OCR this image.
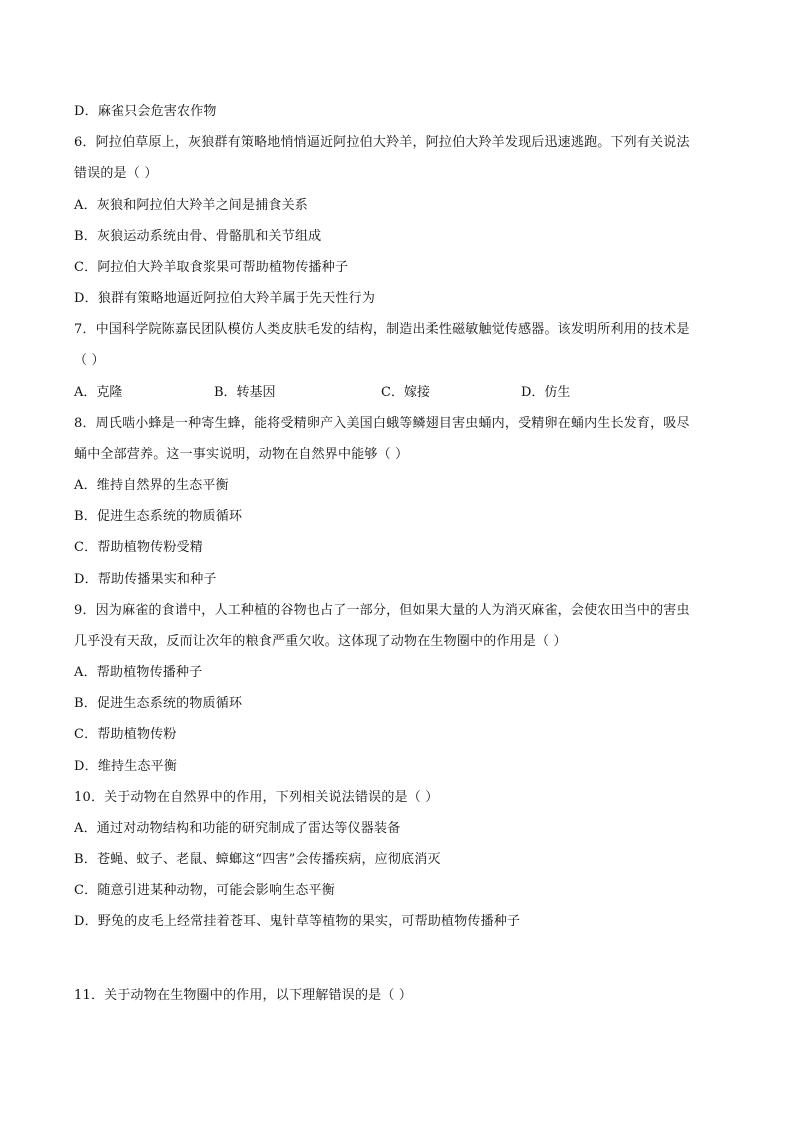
D．麻雀只会危害农作物
6．阿拉伯草原上，灰狼群有策略地悄悄逼近阿拉伯大羚羊，阿拉伯大羚羊发现后迅速逃跑。下列有关说法
错误的是（ ）
A．灰狼和阿拉伯大羚羊之间是捕食关系
B．灰狼运动系统由骨、骨骼肌和关节组成
C．阿拉伯大羚羊取食浆果可帮助植物传播种子
D．狼群有策略地逼近阿拉伯大羚羊属于先天性行为
7．中国科学院陈嘉民团队模仿人类皮肤毛发的结构，制造出柔性磁敏触觉传感器。该发明所利用的技术是
（ ）
A．克隆	B．转基因	C．嫁接	D．仿生
8．周氏啮小蜂是一种寄生蜂，能将受精卵产入美国白蛾等鳞翅目害虫蛹内，受精卵在蛹内生长发育，吸尽
蛹中全部营养。这一事实说明，动物在自然界中能够（ ）
A．维持自然界的生态平衡
B．促进生态系统的物质循环
C．帮助植物传粉受精
D．帮助传播果实和种子
9．因为麻雀的食谱中，人工种植的谷物也占了一部分，但如果大量的人为消灭麻雀，会使农田当中的害虫
几乎没有天敌，反而让次年的粮食严重欠收。这体现了动物在生物圈中的作用是（ ）
A．帮助植物传播种子
B．促进生态系统的物质循环
C．帮助植物传粉
D．维持生态平衡
10．关于动物在自然界中的作用，下列相关说法错误的是（ ）
A．通过对动物结构和功能的研究制成了雷达等仪器装备
B．苍蝇、蚊子、老鼠、蟑螂这“四害”会传播疾病，应彻底消灭
C．随意引进某种动物，可能会影响生态平衡
D．野兔的皮毛上经常挂着苍耳、鬼针草等植物的果实，可帮助植物传播种子
11．关于动物在生物圈中的作用，以下理解错误的是（ ）
